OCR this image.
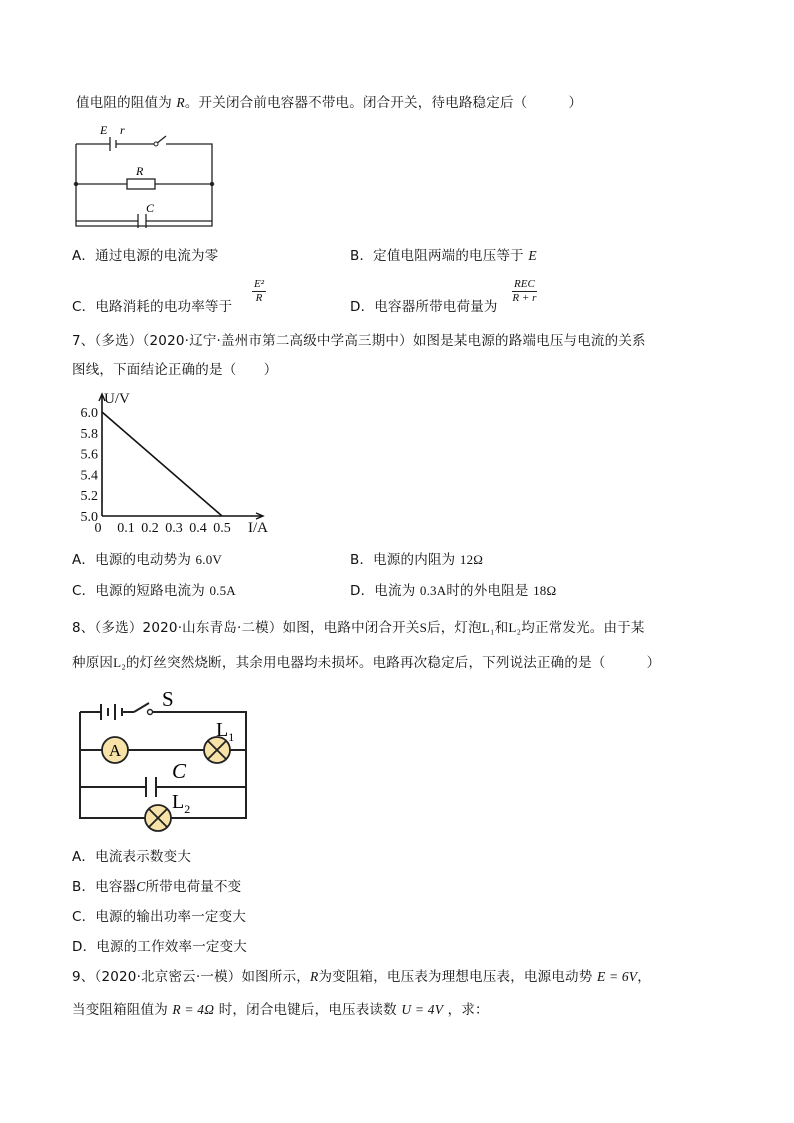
值电阻的阻值为 R。开关闭合前电容器不带电。闭合开关，待电路稳定后（　　　）
E r
R
C
A．通过电源的电流为零	B．定值电阻两端的电压等于 E
C．电路消耗的电功率等于
$\frac{\text{E²}}{R}$
D．电容器所带电荷量为
REC
R + r
7、（多选）（2020·辽宁·盖州市第二高级中学高三期中）如图是某电源的路端电压与电流的关系
图线，下面结论正确的是（　　）
5.0
5.2
5.4
5.6
5.8
6.0
0 0.1 0.2 0.3 0.4 0.5
U/V
I/A
A．电源的电动势为 6.0V	B．电源的内阻为 12Ω
C．电源的短路电流为 0.5A	D．电流为 0.3A时的外电阻是 18Ω
8、（多选）2020·山东青岛·二模）如图，电路中闭合开关S后，灯泡L₁和L₂均正常发光。由于某
种原因L₂的灯丝突然烧断，其余用电器均未损坏。电路再次稳定后，下列说法正确的是（　　　）
A
S
$L_1$
C
$L_2$
A．电流表示数变大
B．电容器C所带电荷量不变
C．电源的输出功率一定变大
D．电源的工作效率一定变大
9、（2020·北京密云·一模）如图所示，R为变阻箱，电压表为理想电压表，电源电动势 E = 6V，
当变阻箱阻值为 R = 4Ω 时，闭合电键后，电压表读数 U = 4V ，求：
